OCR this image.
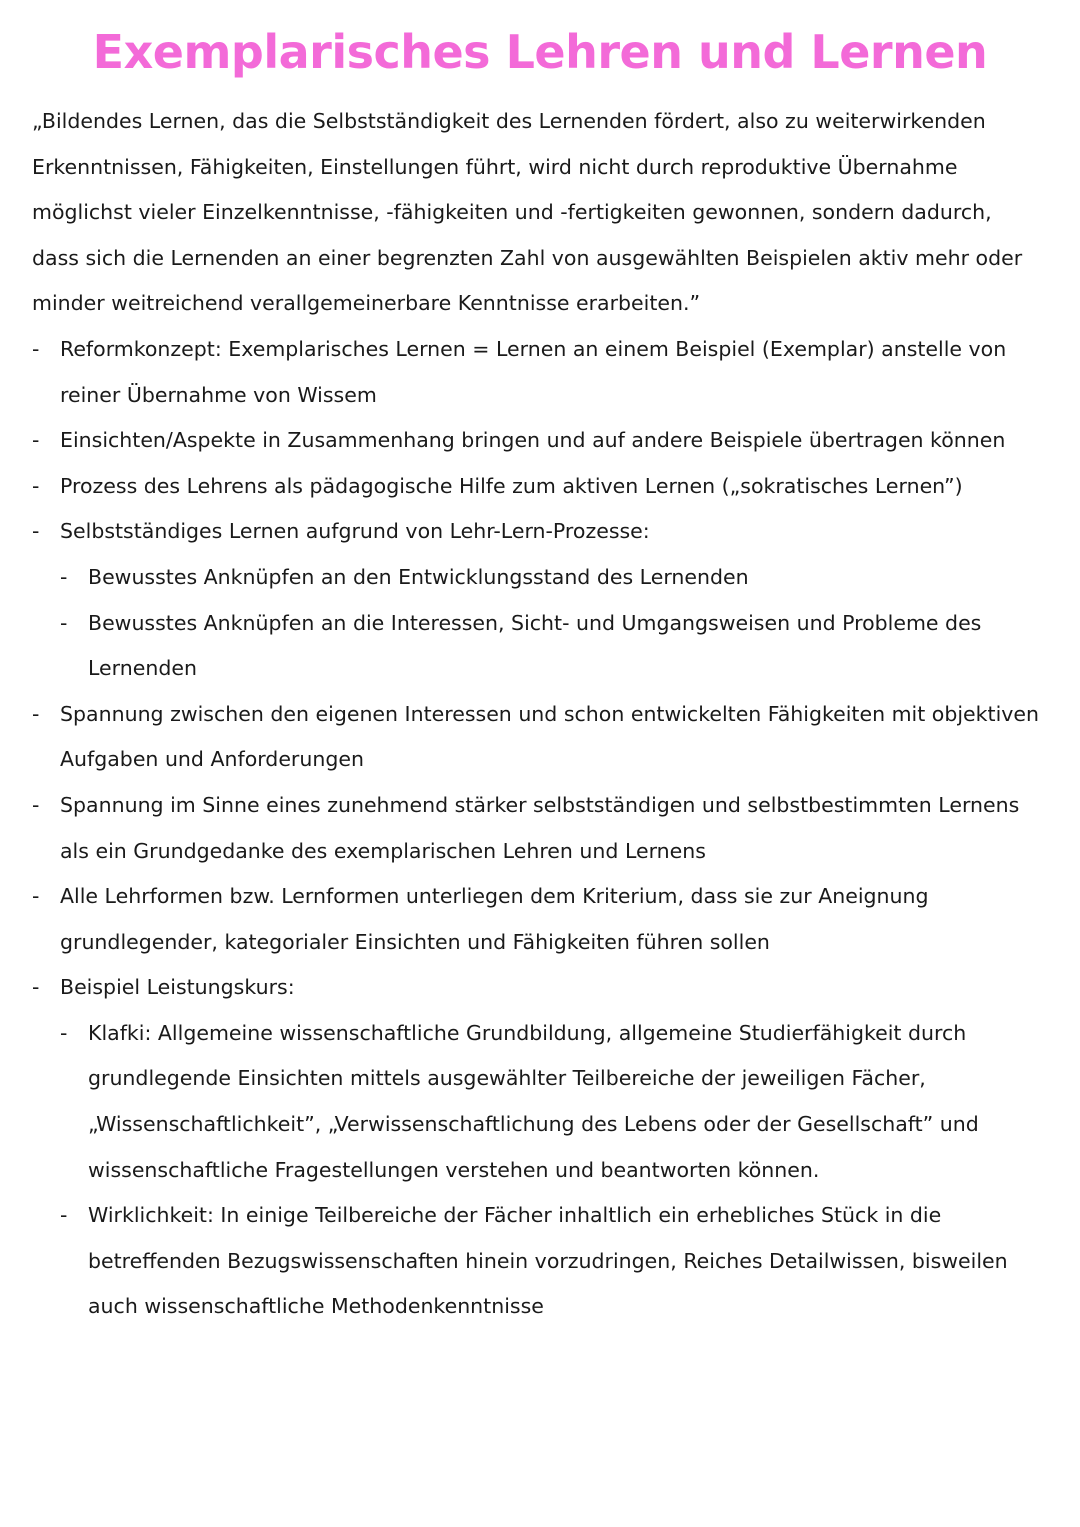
Exemplarisches Lehren und Lernen

„Bildendes Lernen, das die Selbstständigkeit des Lernenden fördert, also zu weiterwirkenden Erkenntnissen, Fähigkeiten, Einstellungen führt, wird nicht durch reproduktive Übernahme möglichst vieler Einzelkenntnisse, -fähigkeiten und -fertigkeiten gewonnen, sondern dadurch, dass sich die Lernenden an einer begrenzten Zahl von ausgewählten Beispielen aktiv mehr oder minder weitreichend verallgemeinerbare Kenntnisse erarbeiten.”

- Reformkonzept: Exemplarisches Lernen = Lernen an einem Beispiel (Exemplar) anstelle von reiner Übernahme von Wissem
- Einsichten/Aspekte in Zusammenhang bringen und auf andere Beispiele übertragen können
- Prozess des Lehrens als pädagogische Hilfe zum aktiven Lernen („sokratisches Lernen”)
- Selbstständiges Lernen aufgrund von Lehr-Lern-Prozesse:
- Bewusstes Anknüpfen an den Entwicklungsstand des Lernenden
- Bewusstes Anknüpfen an die Interessen, Sicht- und Umgangsweisen und Probleme des Lernenden
- Spannung zwischen den eigenen Interessen und schon entwickelten Fähigkeiten mit objektiven Aufgaben und Anforderungen
- Spannung im Sinne eines zunehmend stärker selbstständigen und selbstbestimmten Lernens als ein Grundgedanke des exemplarischen Lehren und Lernens
- Alle Lehrformen bzw. Lernformen unterliegen dem Kriterium, dass sie zur Aneignung grundlegender, kategorialer Einsichten und Fähigkeiten führen sollen
- Beispiel Leistungskurs:
- Klafki: Allgemeine wissenschaftliche Grundbildung, allgemeine Studierfähigkeit durch grundlegende Einsichten mittels ausgewählter Teilbereiche der jeweiligen Fächer, „Wissenschaftlichkeit”, „Verwissenschaftlichung des Lebens oder der Gesellschaft” und wissenschaftliche Fragestellungen verstehen und beantworten können.
- Wirklichkeit: In einige Teilbereiche der Fächer inhaltlich ein erhebliches Stück in die betreffenden Bezugswissenschaften hinein vorzudringen, Reiches Detailwissen, bisweilen auch wissenschaftliche Methodenkenntnisse
